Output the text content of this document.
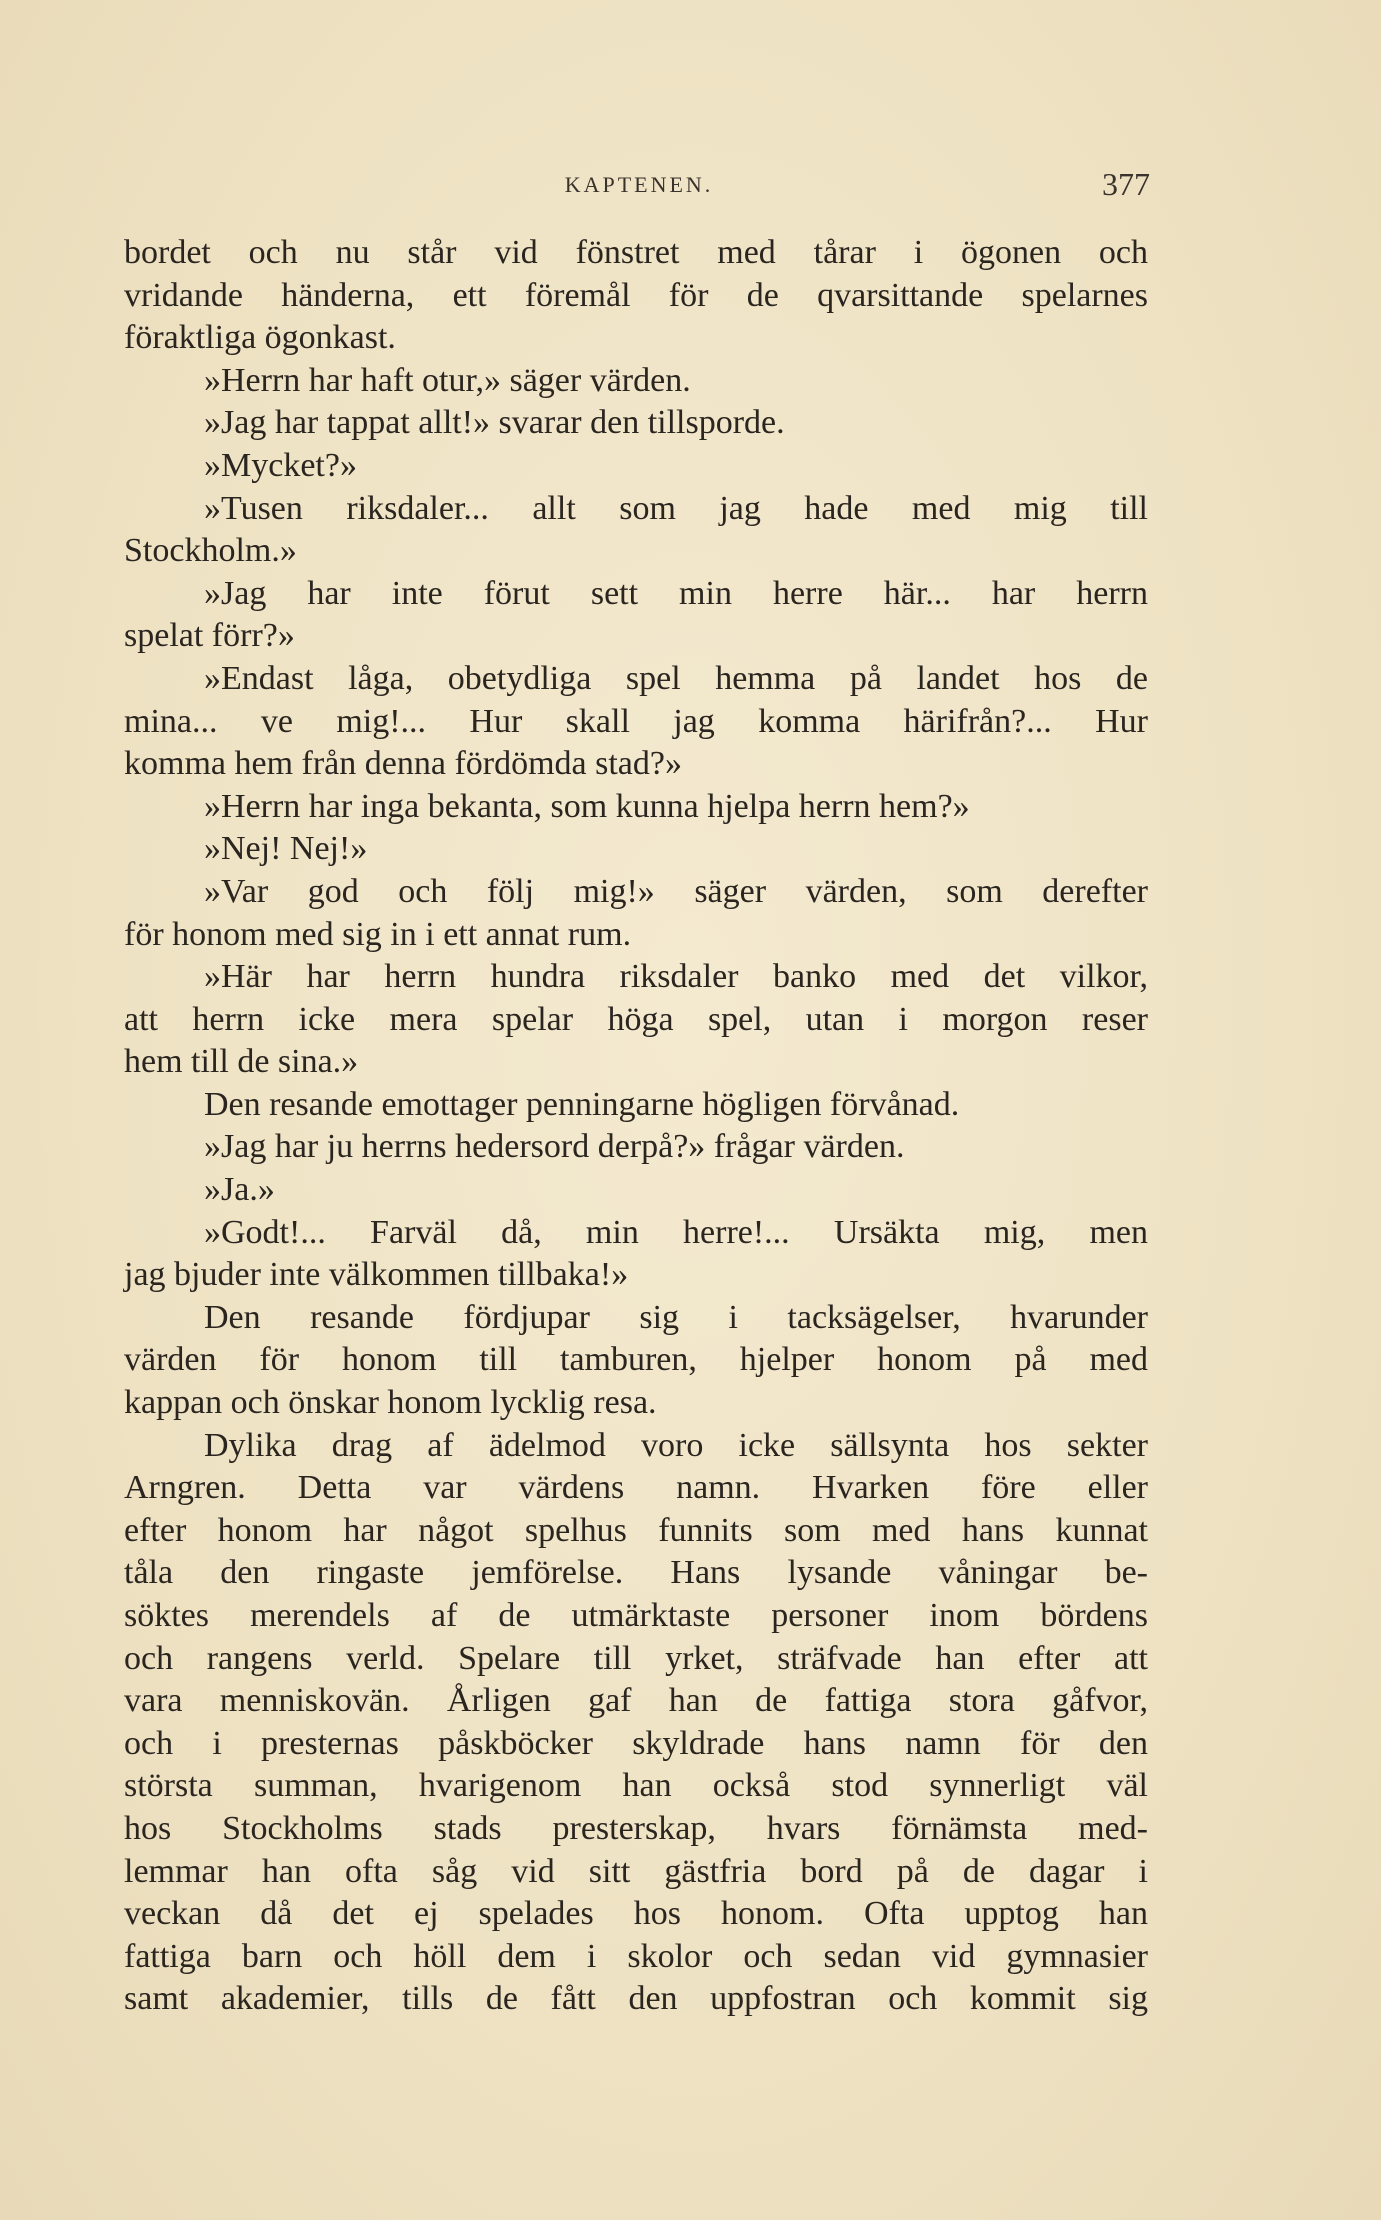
KAPTENEN.	377
bordet och nu står vid fönstret med tårar i ögonen och
vridande händerna, ett föremål för de qvarsittande spelarnes
föraktliga ögonkast.
»Herrn har haft otur,» säger värden.
»Jag har tappat allt!» svarar den tillsporde.
»Mycket?»
»Tusen riksdaler... allt som jag hade med mig till
Stockholm.»
»Jag har inte förut sett min herre här... har herrn
spelat förr?»
»Endast låga, obetydliga spel hemma på landet hos de
mina... ve mig!... Hur skall jag komma härifrån?... Hur
komma hem från denna fördömda stad?»
»Herrn har inga bekanta, som kunna hjelpa herrn hem?»
»Nej! Nej!»
»Var god och följ mig!» säger värden, som derefter
för honom med sig in i ett annat rum.
»Här har herrn hundra riksdaler banko med det vilkor,
att herrn icke mera spelar höga spel, utan i morgon reser
hem till de sina.»
Den resande emottager penningarne högligen förvånad.
»Jag har ju herrns hedersord derpå?» frågar värden.
»Ja.»
»Godt!... Farväl då, min herre!... Ursäkta mig, men
jag bjuder inte välkommen tillbaka!»
Den resande fördjupar sig i tacksägelser, hvarunder
värden för honom till tamburen, hjelper honom på med
kappan och önskar honom lycklig resa.
Dylika drag af ädelmod voro icke sällsynta hos sekter
Arngren. Detta var värdens namn. Hvarken före eller
efter honom har något spelhus funnits som med hans kunnat
tåla den ringaste jemförelse. Hans lysande våningar be-
söktes merendels af de utmärktaste personer inom bördens
och rangens verld. Spelare till yrket, sträfvade han efter att
vara menniskovän. Årligen gaf han de fattiga stora gåfvor,
och i presternas påskböcker skyldrade hans namn för den
största summan, hvarigenom han också stod synnerligt väl
hos Stockholms stads presterskap, hvars förnämsta med-
lemmar han ofta såg vid sitt gästfria bord på de dagar i
veckan då det ej spelades hos honom. Ofta upptog han
fattiga barn och höll dem i skolor och sedan vid gymnasier
samt akademier, tills de fått den uppfostran och kommit sig
